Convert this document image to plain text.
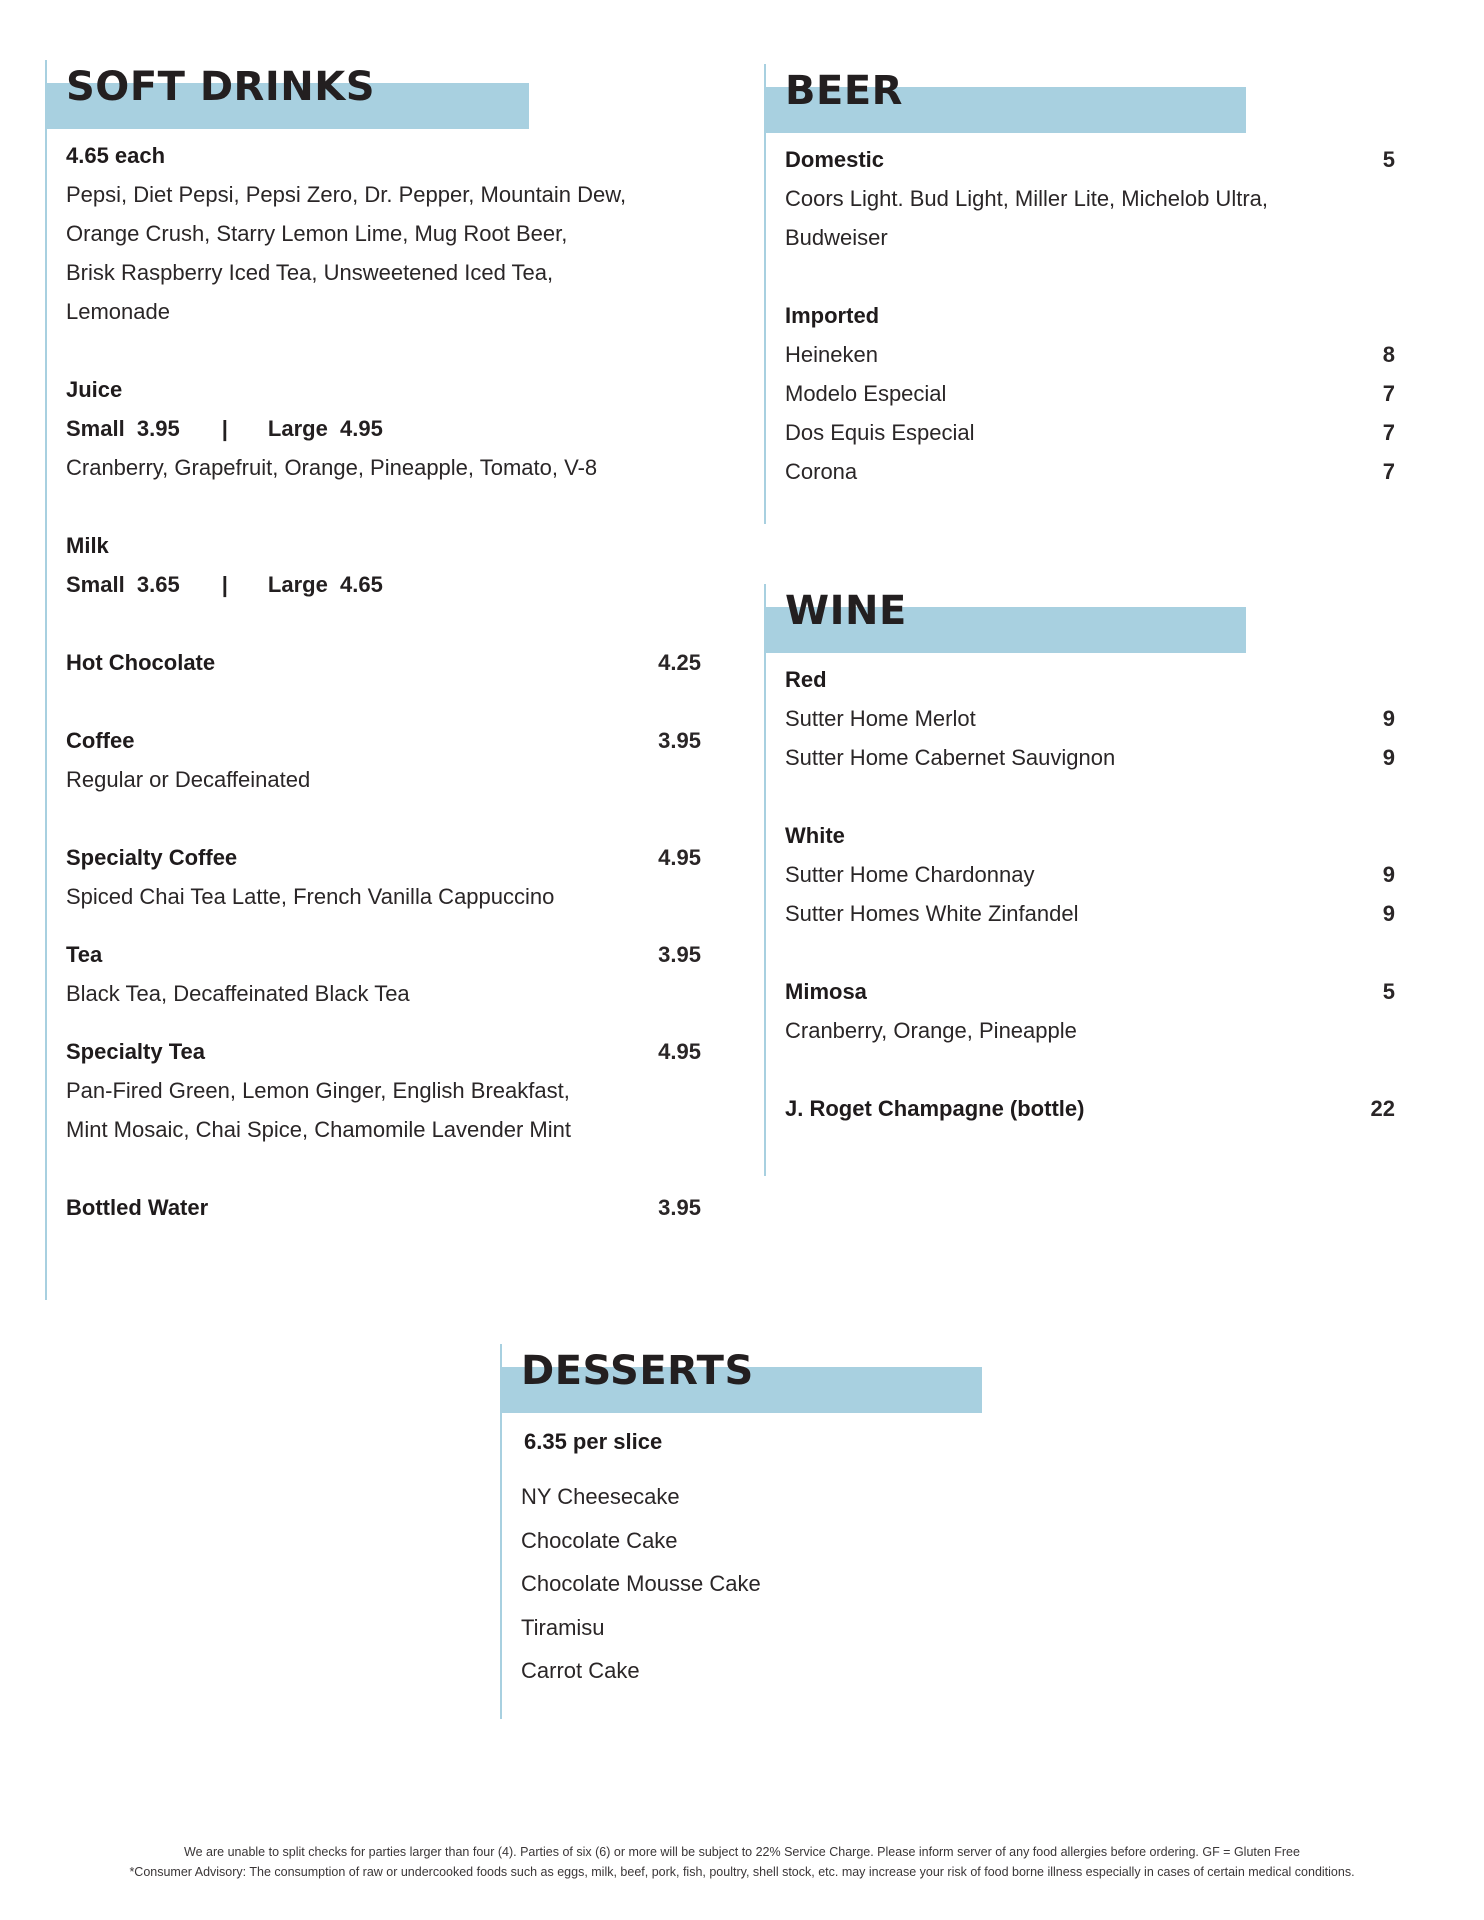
SOFT DRINKS
4.65 each
Pepsi, Diet Pepsi, Pepsi Zero, Dr. Pepper, Mountain Dew,
Orange Crush, Starry Lemon Lime, Mug Root Beer,
Brisk Raspberry Iced Tea, Unsweetened Iced Tea,
Lemonade
Juice
Small  3.95 | Large  4.95
Cranberry, Grapefruit, Orange, Pineapple, Tomato, V-8
Milk
Small  3.65 | Large  4.65
Hot Chocolate	4.25
Coffee	3.95
Regular or Decaffeinated
Specialty Coffee	4.95
Spiced Chai Tea Latte, French Vanilla Cappuccino
Tea	3.95
Black Tea, Decaffeinated Black Tea
Specialty Tea	4.95
Pan-Fired Green, Lemon Ginger, English Breakfast,
Mint Mosaic, Chai Spice, Chamomile Lavender Mint
Bottled Water	3.95
BEER
Domestic	5
Coors Light. Bud Light, Miller Lite, Michelob Ultra,
Budweiser
Imported
Heineken	8
Modelo Especial	7
Dos Equis Especial	7
Corona	7
WINE
Red
Sutter Home Merlot	9
Sutter Home Cabernet Sauvignon	9
White
Sutter Home Chardonnay	9
Sutter Homes White Zinfandel	9
Mimosa	5
Cranberry, Orange, Pineapple
J. Roget Champagne (bottle)	22
DESSERTS
6.35 per slice
NY Cheesecake
Chocolate Cake
Chocolate Mousse Cake
Tiramisu
Carrot Cake
We are unable to split checks for parties larger than four (4). Parties of six (6) or more will be subject to 22% Service Charge. Please inform server of any food allergies before ordering. GF = Gluten Free
*Consumer Advisory: The consumption of raw or undercooked foods such as eggs, milk, beef, pork, fish, poultry, shell stock, etc. may increase your risk of food borne illness especially in cases of certain medical conditions.
